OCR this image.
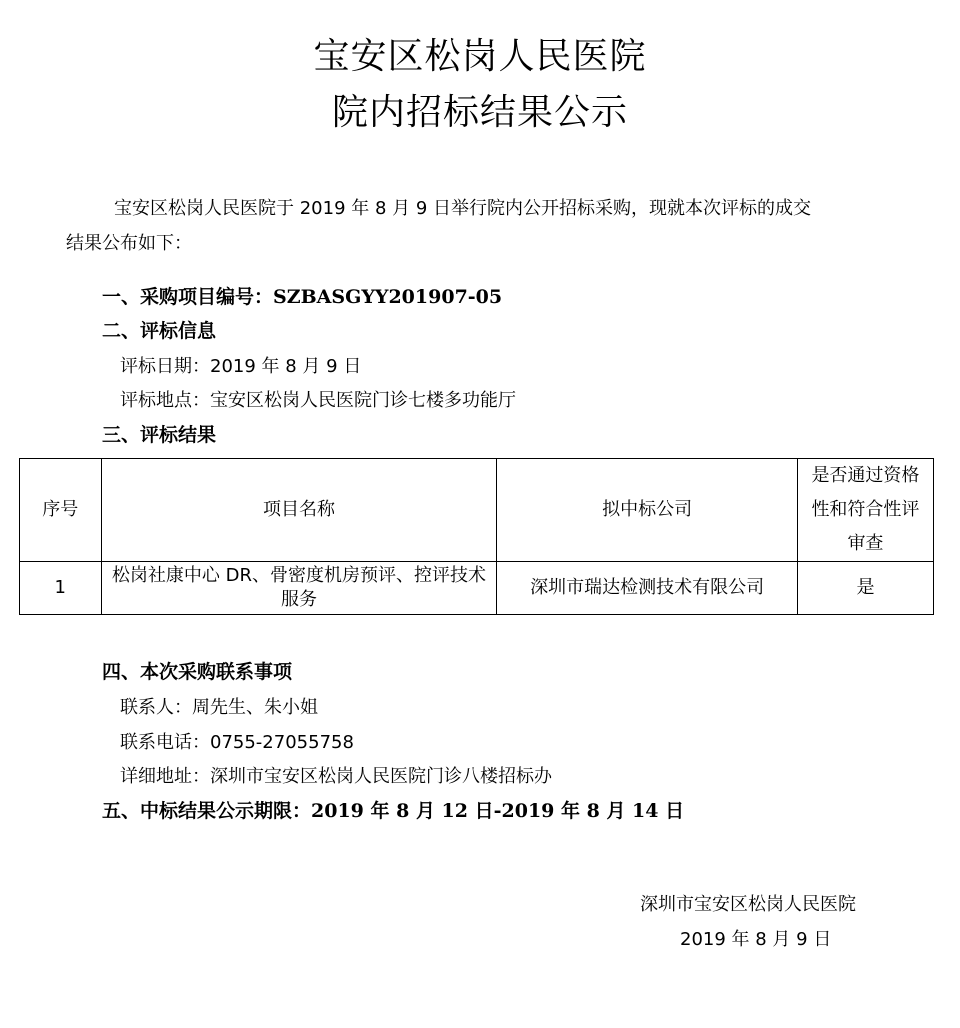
宝安区松岗人民医院
院内招标结果公示
宝安区松岗人民医院于 2019 年 8 月 9 日举行院内公开招标采购，现就本次评标的成交
结果公布如下：
一、采购项目编号：SZBASGYY201907-05
二、评标信息
评标日期：2019 年 8 月 9 日
评标地点：宝安区松岗人民医院门诊七楼多功能厅
三、评标结果
序号	项目名称	拟中标公司	是否通过资格性和符合性评审查
1	松岗社康中心 DR、骨密度机房预评、控评技术服务	深圳市瑞达检测技术有限公司	是
四、本次采购联系事项
联系人：周先生、朱小姐
联系电话：0755-27055758
详细地址：深圳市宝安区松岗人民医院门诊八楼招标办
五、中标结果公示期限：2019 年 8 月 12 日-2019 年 8 月 14 日
深圳市宝安区松岗人民医院
2019 年 8 月 9 日
